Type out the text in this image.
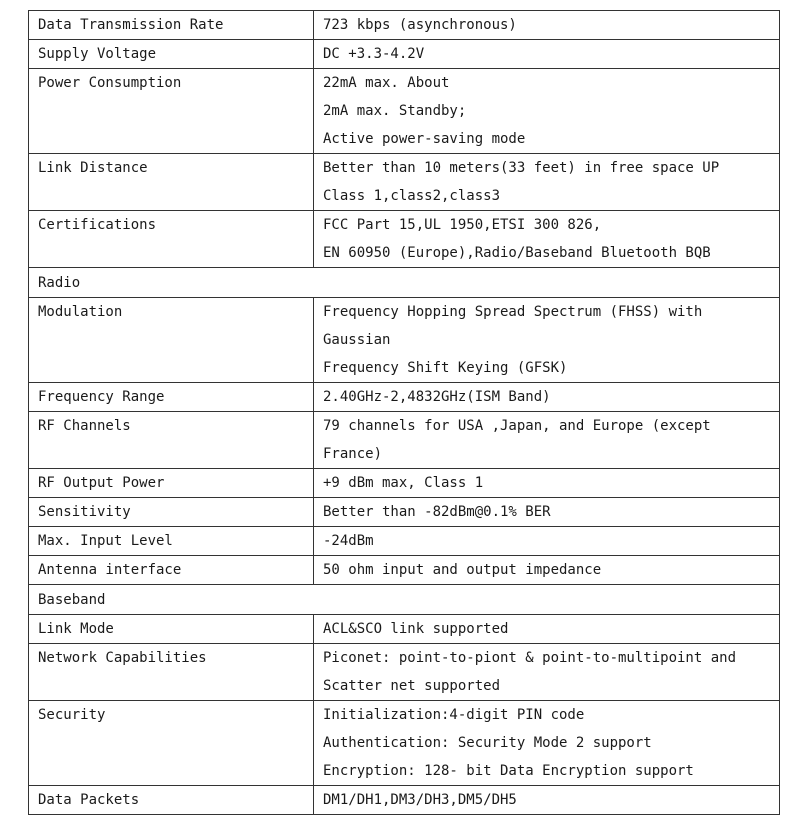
Data Transmission Rate	723 kbps (asynchronous)

Supply Voltage	DC +3.3-4.2V

Power Consumption	22mA max. About
2mA max. Standby;
Active power-saving mode

Link Distance	Better than 10 meters(33 feet) in free space UP
Class 1,class2,class3

Certifications	FCC Part 15,UL 1950,ETSI 300 826,
EN 60950 (Europe),Radio/Baseband Bluetooth BQB

Radio	
Modulation	Frequency Hopping Spread Spectrum (FHSS) with
Gaussian
Frequency Shift Keying (GFSK)

Frequency Range	2.40GHz-2,4832GHz(ISM Band)

RF Channels	79 channels for USA ,Japan, and Europe (except
France)

RF Output Power	+9 dBm max, Class 1

Sensitivity	Better than -82dBm@0.1% BER

Max. Input Level	-24dBm

Antenna interface	50 ohm input and output impedance

Baseband	
Link Mode	ACL&SCO link supported

Network Capabilities	Piconet: point-to-piont & point-to-multipoint and
Scatter net supported

Security	Initialization:4-digit PIN code
Authentication: Security Mode 2 support
Encryption: 128- bit Data Encryption support

Data Packets	DM1/DH1,DM3/DH3,DM5/DH5
